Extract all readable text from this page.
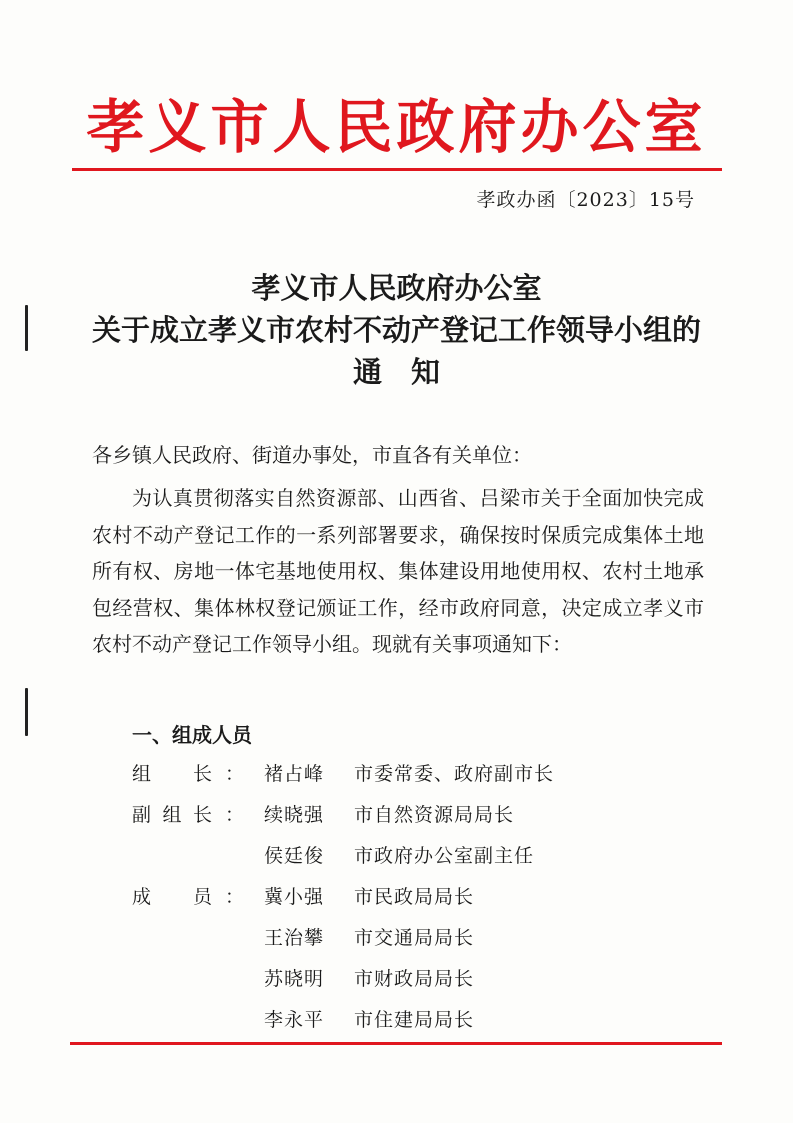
孝义市人民政府办公室
孝政办函〔2023〕15号
孝义市人民政府办公室
关于成立孝义市农村不动产登记工作领导小组的
通　知
各乡镇人民政府、街道办事处，市直各有关单位：
为认真贯彻落实自然资源部、山西省、吕梁市关于全面加快完成农村不动产登记工作的一系列部署要求，确保按时保质完成集体土地所有权、房地一体宅基地使用权、集体建设用地使用权、农村土地承包经营权、集体林权登记颁证工作，经市政府同意，决定成立孝义市农村不动产登记工作领导小组。现就有关事项通知下：
一、组成人员
组长 ： 褚占峰 市委常委、政府副市长
副组长 ： 续晓强 市自然资源局局长
侯廷俊 市政府办公室副主任
成员 ： 冀小强 市民政局局长
王治攀 市交通局局长
苏晓明 市财政局局长
李永平 市住建局局长
